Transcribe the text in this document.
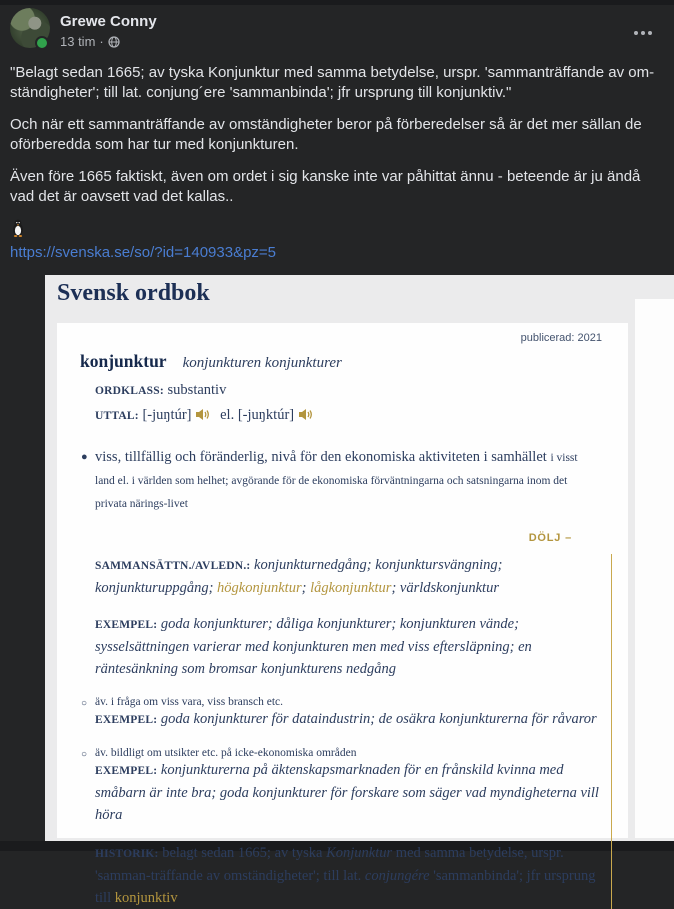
Grewe Conny
13 tim ·

"Belagt sedan 1665; av tyska Konjunktur med samma betydelse, urspr. 'sammanträffande av om-ständigheter'; till lat. conjung´ere 'sammanbinda'; jfr ursprung till konjunktiv."

Och när ett sammanträffande av omständigheter beror på förberedelser så är det mer sällan de oförberedda som har tur med konjunkturen.

Även före 1665 faktiskt, även om ordet i sig kanske inte var påhittat ännu - beteende är ju ändå vad det är oavsett vad det kallas..

https://svenska.se/so/?id=140933&pz=5

Svensk ordbok
publicerad: 2021
konjunktur konjunkturen konjunkturer
ORDKLASS: substantiv
UTTAL: [-juŋtúr] el. [-juŋktúr]
● viss, tillfällig och föränderlig, nivå för den ekonomiska aktiviteten i samhället i visst land el. i världen som helhet; avgörande för de ekonomiska förväntningarna och satsningarna inom det privata närings-livet
DÖLJ –
SAMMANSÄTTN./AVLEDN.: konjunkturnedgång; konjunktursvängning; konjunkturuppgång; högkonjunktur; lågkonjunktur; världskonjunktur
EXEMPEL: goda konjunkturer; dåliga konjunkturer; konjunkturen vände; sysselsättningen varierar med konjunkturen men med viss eftersläpning; en räntesänkning som bromsar konjunkturens nedgång
○ äv. i fråga om viss vara, viss bransch etc.
EXEMPEL: goda konjunkturer för dataindustrin; de osäkra konjunkturerna för råvaror
○ äv. bildligt om utsikter etc. på icke-ekonomiska områden
EXEMPEL: konjunkturerna på äktenskapsmarknaden för en frånskild kvinna med småbarn är inte bra; goda konjunkturer för forskare som säger vad myndigheterna vill höra
HISTORIK: belagt sedan 1665; av tyska Konjunktur med samma betydelse, urspr. 'samman-träffande av omständigheter'; till lat. conjungére 'sammanbinda'; jfr ursprung till konjunktiv
